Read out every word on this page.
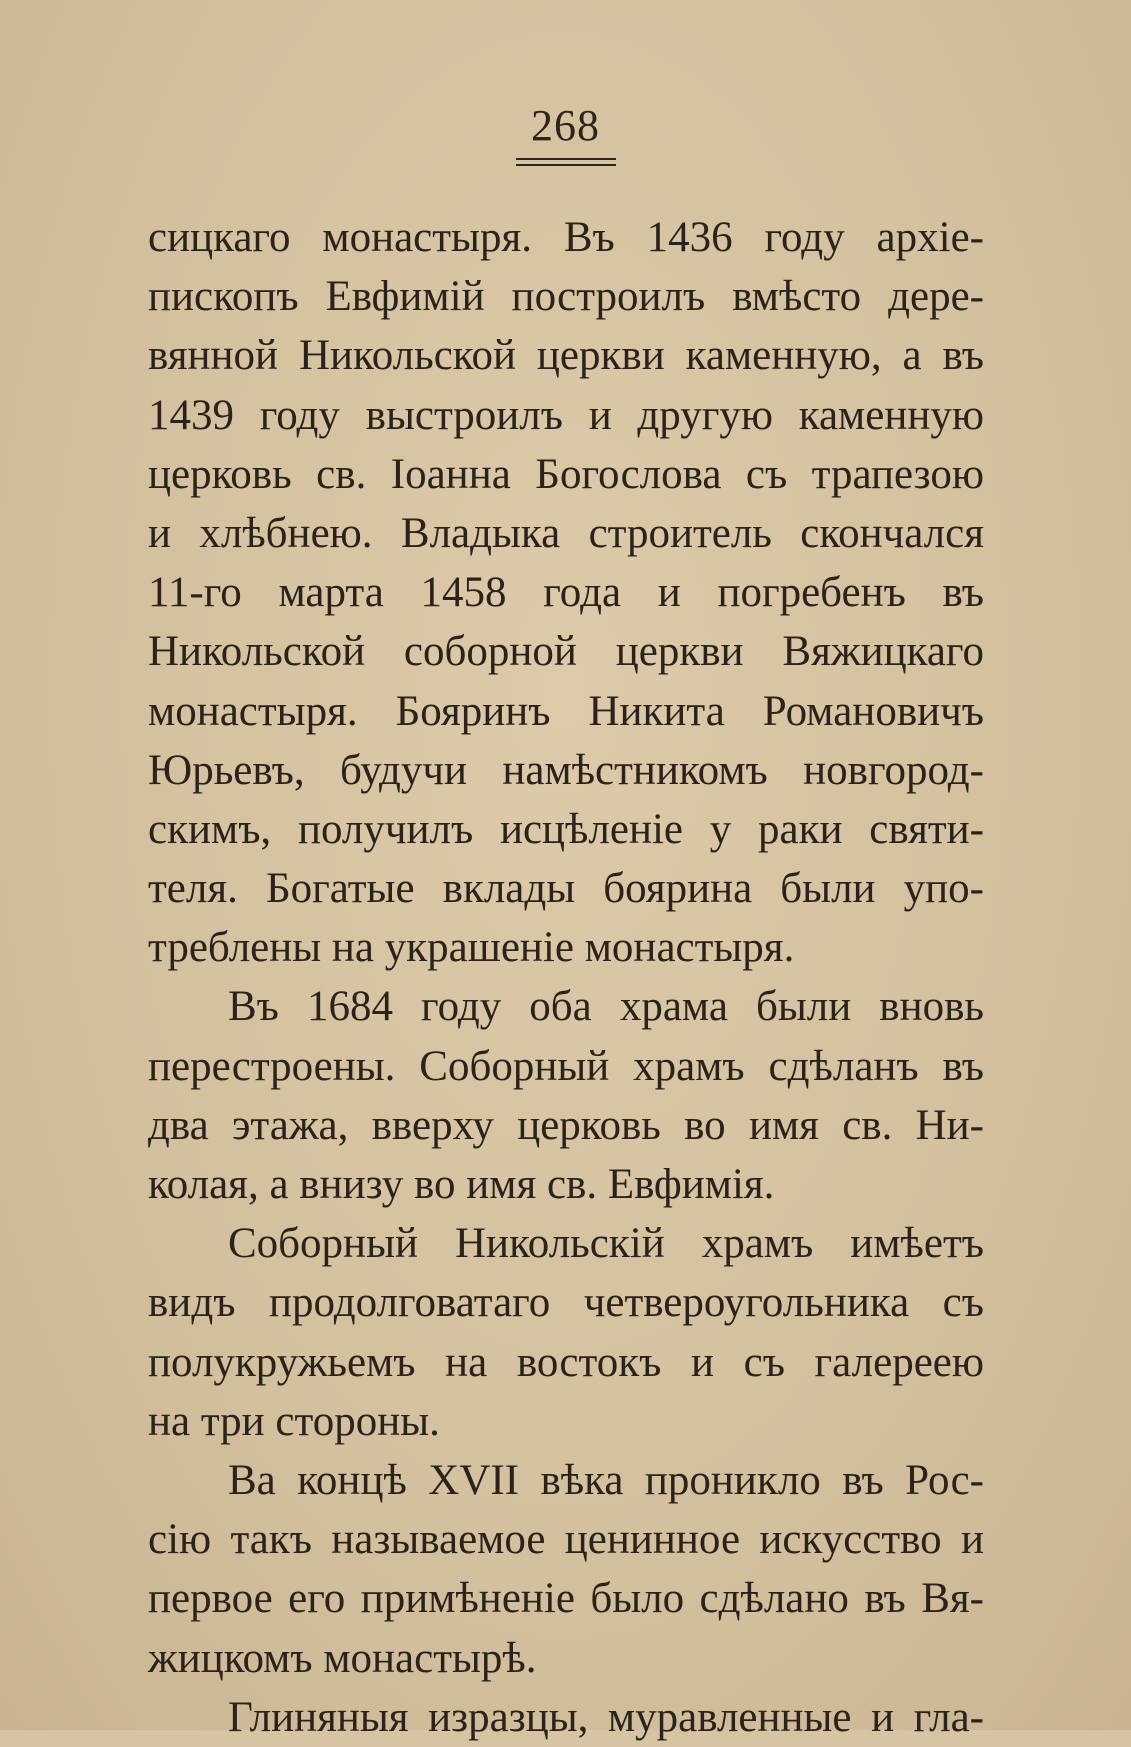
268
сицкаго монастыря. Въ 1436 году архіе-
пископъ Евфимій построилъ вмѣсто дере-
вянной Никольской церкви каменную, а въ
1439 году выстроилъ и другую каменную
церковь св. Іоанна Богослова съ трапезою
и хлѣбнею. Владыка строитель скончался
11-го марта 1458 года и погребенъ въ
Никольской соборной церкви Вяжицкаго
монастыря. Бояринъ Никита Романовичъ
Юрьевъ, будучи намѣстникомъ новгород-
скимъ, получилъ исцѣленіе у раки святи-
теля. Богатые вклады боярина были упо-
треблены на украшеніе монастыря.
Въ 1684 году оба храма были вновь
перестроены. Соборный храмъ сдѣланъ въ
два этажа, вверху церковь во имя св. Ни-
колая, а внизу во имя св. Евфимія.
Соборный Никольскій храмъ имѣетъ
видъ продолговатаго четвероугольника съ
полукружьемъ на востокъ и съ галереею
на три стороны.
Ва концѣ XVII вѣка проникло въ Рос-
сію такъ называемое ценинное искусство и
первое его примѣненіе было сдѣлано въ Вя-
жицкомъ монастырѣ.
Глиняныя изразцы, муравленные и гла-
